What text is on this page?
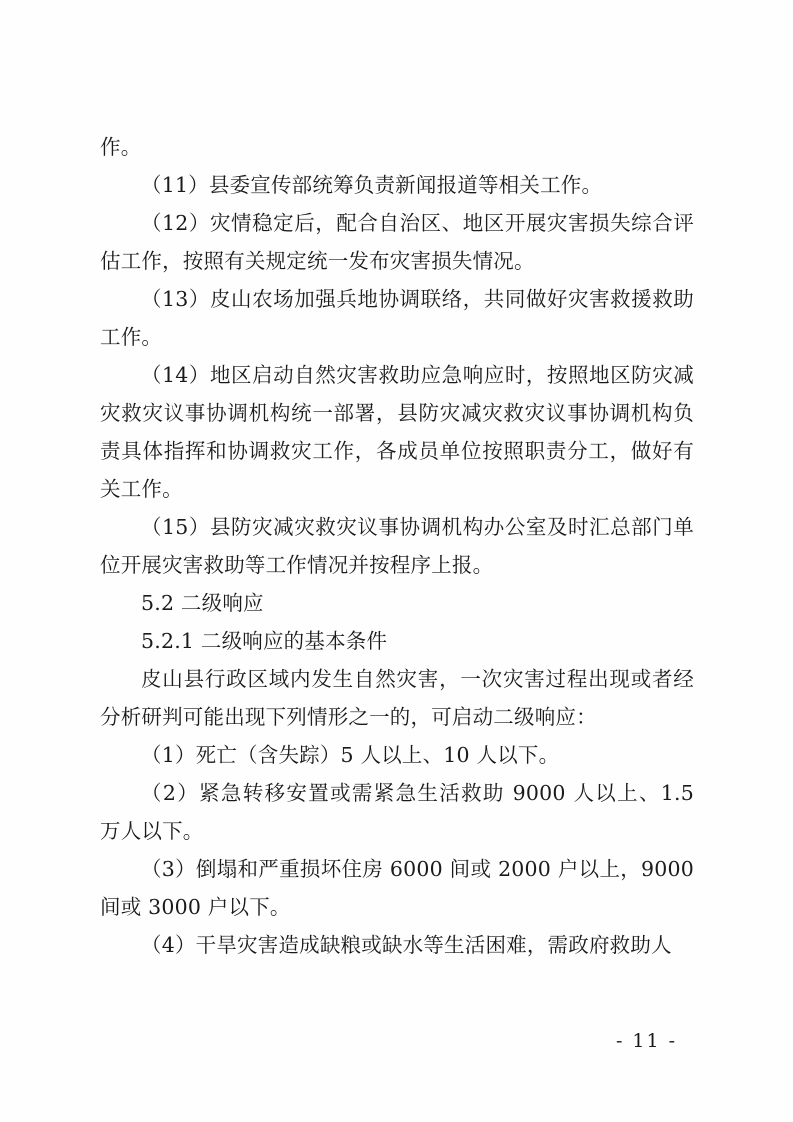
作。

（11）县委宣传部统筹负责新闻报道等相关工作。

（12）灾情稳定后，配合自治区、地区开展灾害损失综合评估工作，按照有关规定统一发布灾害损失情况。

（13）皮山农场加强兵地协调联络，共同做好灾害救援救助工作。

（14）地区启动自然灾害救助应急响应时，按照地区防灾减灾救灾议事协调机构统一部署，县防灾减灾救灾议事协调机构负责具体指挥和协调救灾工作，各成员单位按照职责分工，做好有关工作。

（15）县防灾减灾救灾议事协调机构办公室及时汇总部门单位开展灾害救助等工作情况并按程序上报。

5.2 二级响应

5.2.1 二级响应的基本条件

皮山县行政区域内发生自然灾害，一次灾害过程出现或者经分析研判可能出现下列情形之一的，可启动二级响应：

（1）死亡（含失踪）5 人以上、10 人以下。

（2）紧急转移安置或需紧急生活救助 9000 人以上、1.5 万人以下。

（3）倒塌和严重损坏住房 6000 间或 2000 户以上，9000 间或 3000 户以下。

（4）干旱灾害造成缺粮或缺水等生活困难，需政府救助人

- 11 -
